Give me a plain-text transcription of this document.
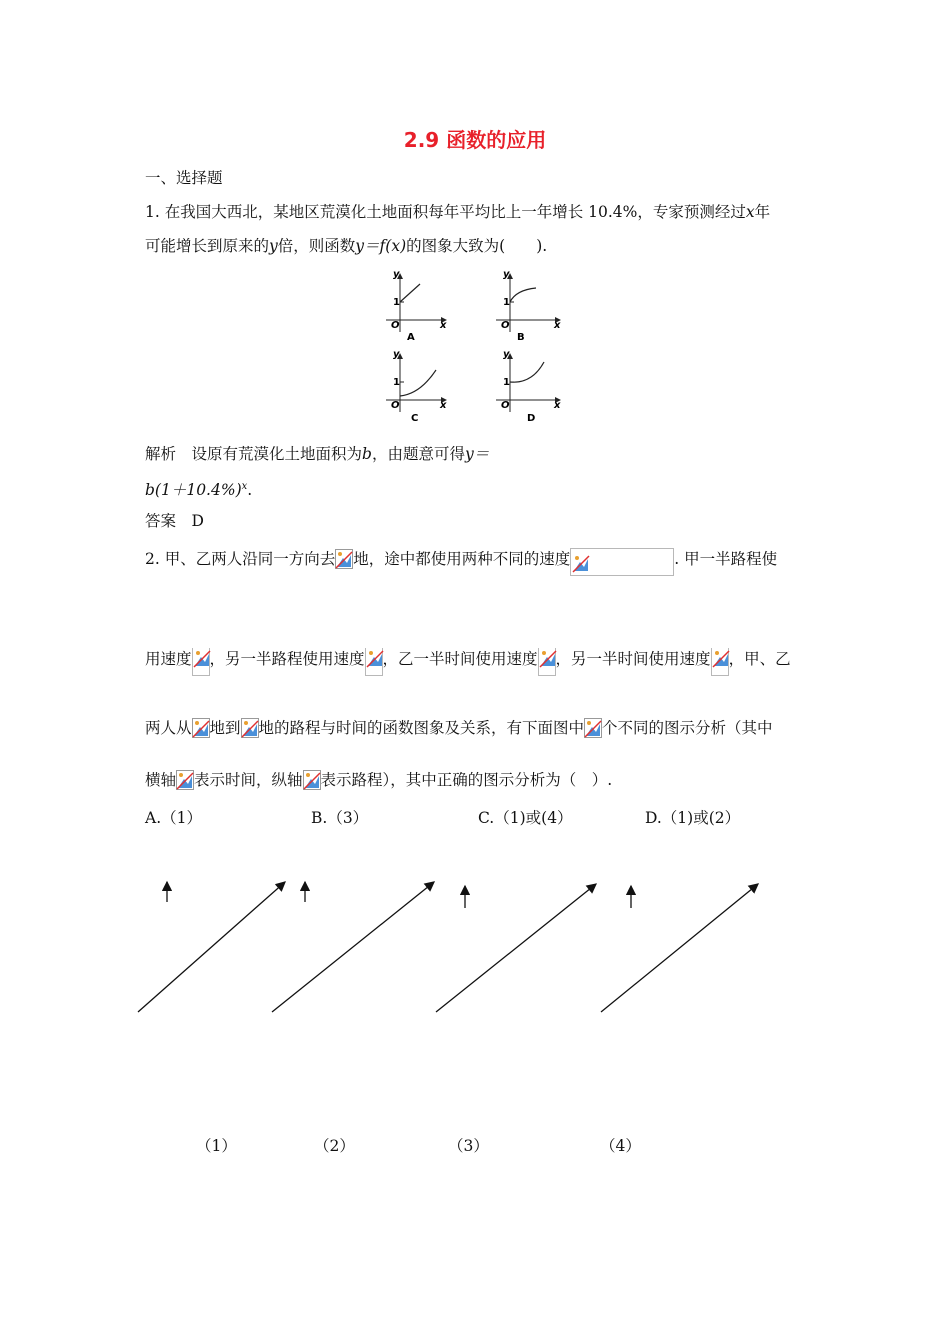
2.9 函数的应用
一、选择题
1. 在我国大西北，某地区荒漠化土地面积每年平均比上一年增长 10.4%，专家预测经过x年
可能增长到原来的y倍，则函数y＝f(x)的图象大致为(　　).
y
x
O
1
A
y
x
O
1
B
y
x
O
1
C
y
x
O
1
D
解析　设原有荒漠化土地面积为b，由题意可得y＝
$b(1+10.4\%)^x$.
答案　D
2. 甲、乙两人沿同一方向去 地，途中都使用两种不同的速度	. 甲一半路程使
用速度 ，另一半路程使用速度 ，乙一半时间使用速度 ，另一半时间使用速度 ，甲、乙
两人从 地到 地的路程与时间的函数图象及关系，有下面图中 个不同的图示分析（其中
横轴 表示时间，纵轴 表示路程），其中正确的图示分析为（　）.
A.（1）	B.（3）	C.（1)或(4）	D.（1)或(2）
（1）	（2）	（3）	（4）
